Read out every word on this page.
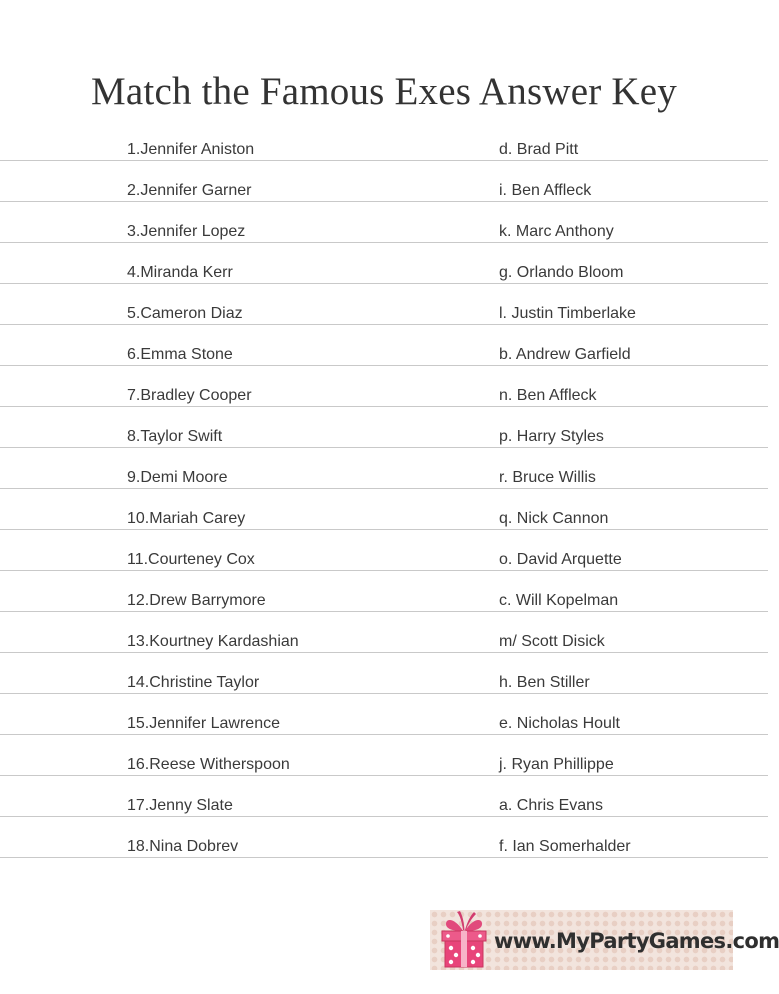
Match the Famous Exes Answer Key
1.Jennifer Aniston	d. Brad Pitt
2.Jennifer Garner	i. Ben Affleck
3.Jennifer Lopez	k. Marc Anthony
4.Miranda Kerr	g. Orlando Bloom
5.Cameron Diaz	l. Justin Timberlake
6.Emma Stone	b. Andrew Garfield
7.Bradley Cooper	n. Ben Affleck
8.Taylor Swift	p. Harry Styles
9.Demi Moore	r. Bruce Willis
10.Mariah Carey	q. Nick Cannon
11.Courteney Cox	o. David Arquette
12.Drew Barrymore	c. Will Kopelman
13.Kourtney Kardashian	m/ Scott Disick
14.Christine Taylor	h. Ben Stiller
15.Jennifer Lawrence	e. Nicholas Hoult
16.Reese Witherspoon	j. Ryan Phillippe
17.Jenny Slate	a. Chris Evans
18.Nina Dobrev	f. Ian Somerhalder
www.MyPartyGames.com
